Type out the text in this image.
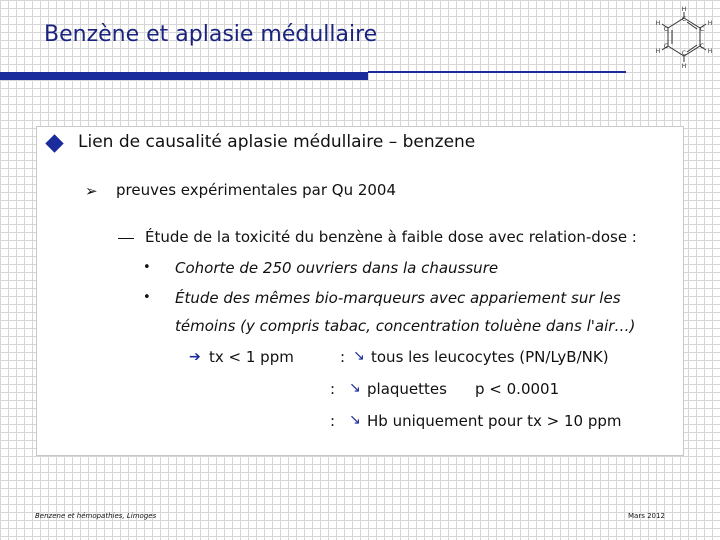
Benzène et aplasie médullaire
H
H
H
H
H
H
C
C
C
C
C
C
Lien de causalité aplasie médullaire – benzene
➢ preuves expérimentales par Qu 2004
Étude de la toxicité du benzène à faible dose avec relation-dose :
• Cohorte de 250 ouvriers dans la chaussure
• Étude des mêmes bio-marqueurs avec appariement sur les
témoins (y compris tabac, concentration toluène dans l'air…)
➔ tx < 1 ppm	: ↘ tous les leucocytes (PN/LyB/NK)
: ↘ plaquettes p < 0.0001
: ↘ Hb uniquement pour tx > 10 ppm
Benzene et hémopathies, Limoges	Mars 2012
